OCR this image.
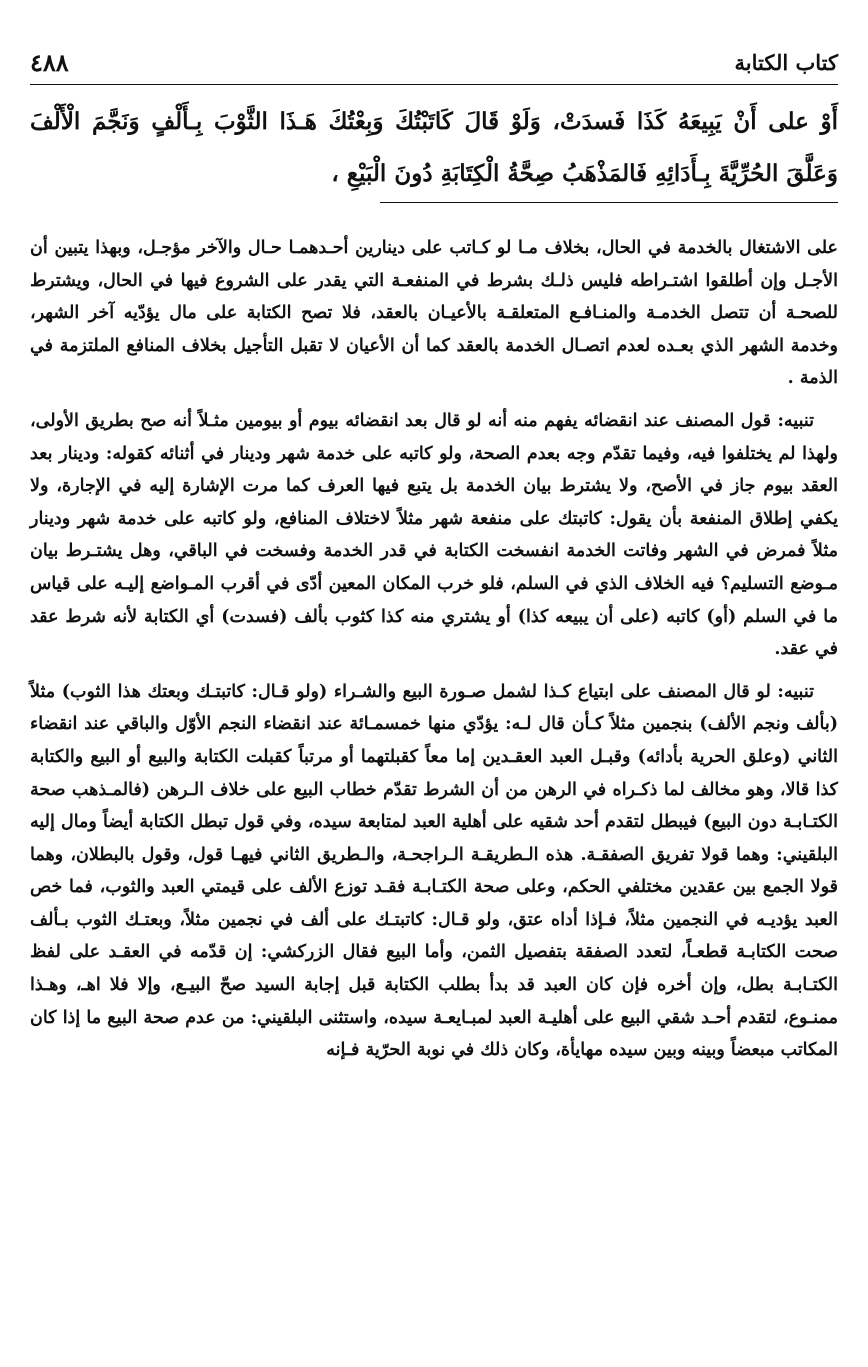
٤٨٨	كتاب الكتابة
أَوْ على أَنْ يَبِيعَهُ كَذَا فَسدَتْ، وَلَوْ قَالَ كَاتَبْتُكَ وَبِعْتُكَ هَـذَا الثَّوْبَ بِـأَلْفٍ وَنَجَّمَ الْأَلْفَ وَعَلَّقَ الحُرِّيَّةَ بِـأَدَائِهِ فَالمَذْهَبُ صِحَّةُ الْكِتَابَةِ دُونَ الْبَيْعِ ،

على الاشتغال بالخدمة في الحال، بخلاف مـا لو كـاتب على دينارين أحـدهمـا حـال والآخر مؤجـل، وبهذا يتبين أن الأجـل وإن أطلقوا اشتـراطه فليس ذلـك بشرط في المنفعـة التي يقدر على الشروع فيها في الحال، ويشترط للصحـة أن تتصل الخدمـة والمنـافـع المتعلقـة بالأعيـان بالعقد، فلا تصح الكتابة على مال يؤدّيه آخر الشهر، وخدمة الشهر الذي بعـده لعدم اتصـال الخدمة بالعقد كما أن الأعيان لا تقبل التأجيل بخلاف المنافع الملتزمة في الذمة .

تنبيه: قول المصنف عند انقضائه يفهم منه أنه لو قال بعد انقضائه بيوم أو بيومين مثـلاً أنه صح بطريق الأولى، ولهذا لم يختلفوا فيه، وفيما تقدّم وجه بعدم الصحة، ولو كاتبه على خدمة شهر ودينار في أثنائه كقوله: ودينار بعد العقد بيوم جاز في الأصح، ولا يشترط بيان الخدمة بل يتبع فيها العرف كما مرت الإشارة إليه في الإجارة، ولا يكفي إطلاق المنفعة بأن يقول: كاتبتك على منفعة شهر مثلاً لاختلاف المنافع، ولو كاتبه على خدمة شهر ودينار مثلاً فمرض في الشهر وفاتت الخدمة انفسخت الكتابة في قدر الخدمة وفسخت في الباقي، وهل يشتـرط بيان مـوضع التسليم؟ فيه الخلاف الذي في السلم، فلو خرب المكان المعين أدّى في أقرب المـواضع إليـه على قياس ما في السلم (أو) كاتبه (على أن يبيعه كذا) أو يشتري منه كذا كثوب بألف (فسدت) أي الكتابة لأنه شرط عقد في عقد.

تنبيه: لو قال المصنف على ابتياع كـذا لشمل صـورة البيع والشـراء (ولو قـال: كاتبتـك وبعتك هذا الثوب) مثلاً (بألف ونجم الألف) بنجمين مثلاً كـأن قال لـه: يؤدّي منها خمسمـائة عند انقضاء النجم الأوّل والباقي عند انقضاء الثاني (وعلق الحرية بأدائه) وقبـل العبد العقـدين إما معاً كقبلتهما أو مرتباً كقبلت الكتابة والبيع أو البيع والكتابة كذا قالا، وهو مخالف لما ذكـراه في الرهن من أن الشرط تقدّم خطاب البيع على خلاف الـرهن (فالمـذهب صحة الكتـابـة دون البيع) فيبطل لتقدم أحد شقيه على أهلية العبد لمتابعة سيده، وفي قول تبطل الكتابة أيضاً ومال إليه البلقيني: وهما قولا تفريق الصفقـة. هذه الـطريقـة الـراجحـة، والـطريق الثاني فيهـا قول، وقول بالبطلان، وهما قولا الجمع بين عقدين مختلفي الحكم، وعلى صحة الكتـابـة فقـد توزع الألف على قيمتي العبد والثوب، فما خص العبد يؤديـه في النجمين مثلاً، فـإذا أداه عتق، ولو قـال: كاتبتـك على ألف في نجمين مثلاً، وبعتـك الثوب بـألف صحت الكتابـة قطعـاً، لتعدد الصفقة بتفصيل الثمن، وأما البيع فقال الزركشي: إن قدّمه في العقـد على لفظ الكتـابـة بطل، وإن أخره فإن كان العبد قد بدأ بطلب الكتابة قبل إجابة السيد صحّ البيـع، وإلا فلا اهـ، وهـذا ممنـوع، لتقدم أحـد شقي البيع على أهليـة العبد لمبـايعـة سيده، واستثنى البلقيني: من عدم صحة البيع ما إذا كان المكاتب مبعضاً وبينه وبين سيده مهايأة، وكان ذلك في نوبة الحرّية فـإنه
